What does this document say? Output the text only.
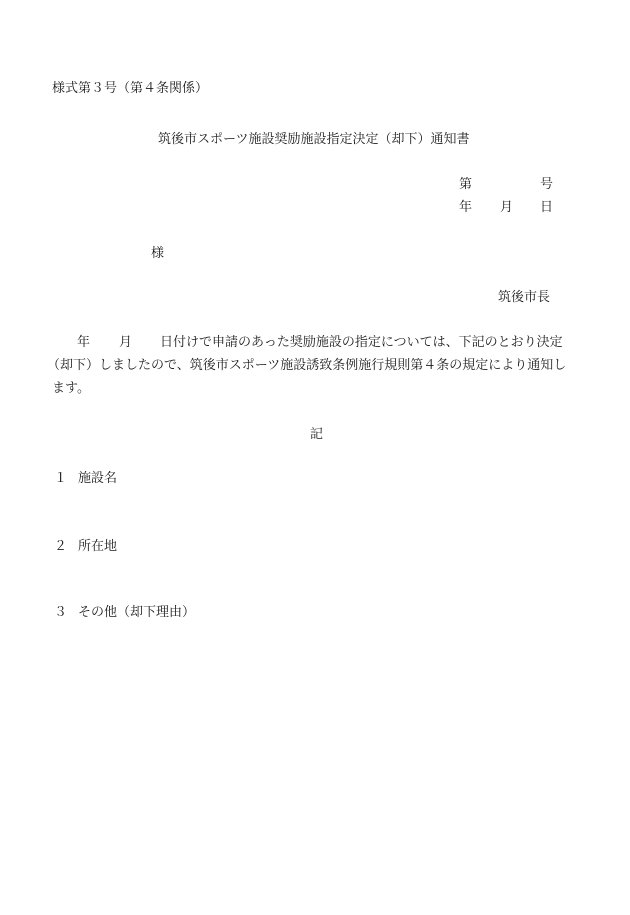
様式第３号（第４条関係）
筑後市スポーツ施設奨励施設指定決定（却下）通知書
第	号
年 月 日
様
筑後市長
年 月 日付けで申請のあった奨励施設の指定については、下記のとおり決定
（却下）しましたので、筑後市スポーツ施設誘致条例施行規則第４条の規定により通知し
ます。
記
１ 施設名
２ 所在地
３ その他（却下理由）
